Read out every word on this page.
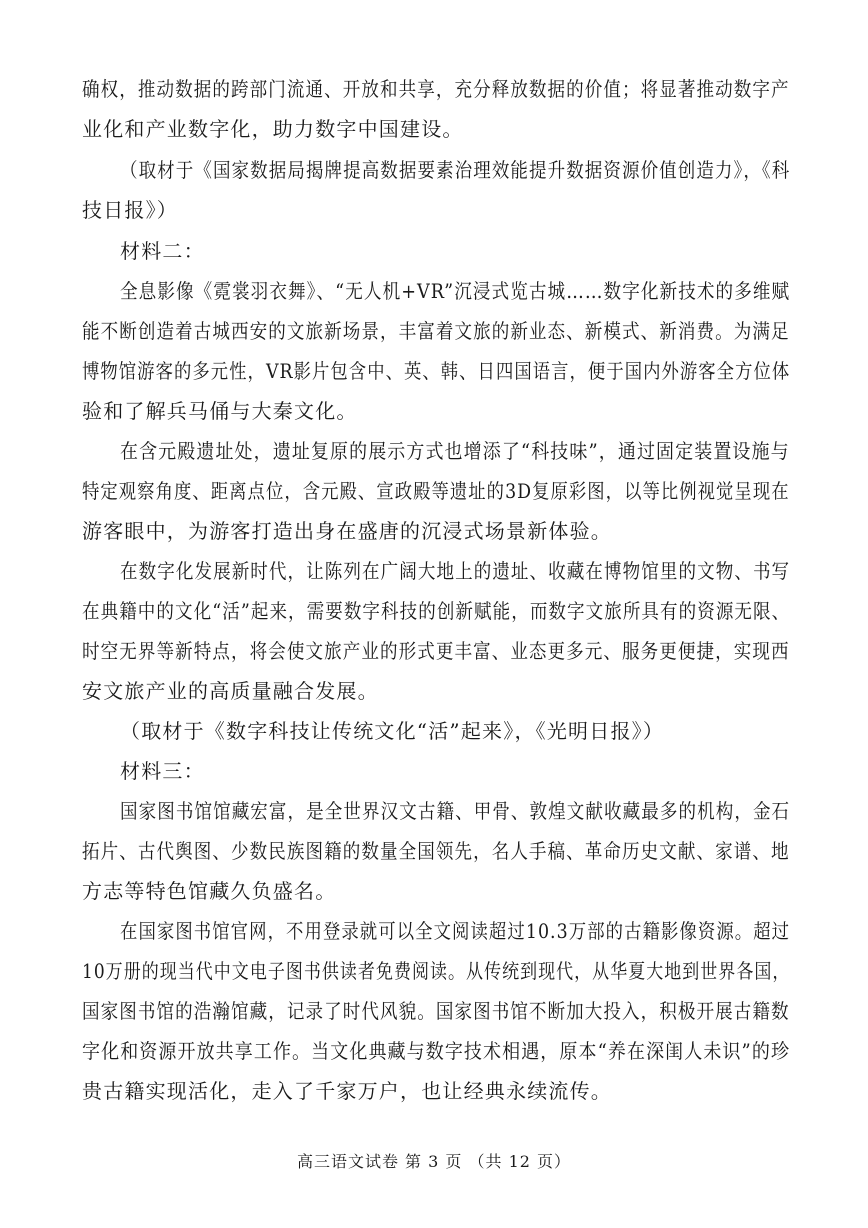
确权，推动数据的跨部门流通、开放和共享，充分释放数据的价值；将显著推动数字产

业化和产业数字化，助力数字中国建设。

（取材于《国家数据局揭牌提高数据要素治理效能提升数据资源价值创造力》，《科

技日报》）

材料二：

全息影像《霓裳羽衣舞》、“无人机+VR”沉浸式览古城……数字化新技术的多维赋

能不断创造着古城西安的文旅新场景，丰富着文旅的新业态、新模式、新消费。为满足

博物馆游客的多元性，VR影片包含中、英、韩、日四国语言，便于国内外游客全方位体

验和了解兵马俑与大秦文化。

在含元殿遗址处，遗址复原的展示方式也增添了“科技味”，通过固定装置设施与

特定观察角度、距离点位，含元殿、宣政殿等遗址的3D复原彩图，以等比例视觉呈现在

游客眼中，为游客打造出身在盛唐的沉浸式场景新体验。

在数字化发展新时代，让陈列在广阔大地上的遗址、收藏在博物馆里的文物、书写

在典籍中的文化“活”起来，需要数字科技的创新赋能，而数字文旅所具有的资源无限、

时空无界等新特点，将会使文旅产业的形式更丰富、业态更多元、服务更便捷，实现西

安文旅产业的高质量融合发展。

（取材于《数字科技让传统文化“活”起来》，《光明日报》）

材料三：

国家图书馆馆藏宏富，是全世界汉文古籍、甲骨、敦煌文献收藏最多的机构，金石

拓片、古代舆图、少数民族图籍的数量全国领先，名人手稿、革命历史文献、家谱、地

方志等特色馆藏久负盛名。

在国家图书馆官网，不用登录就可以全文阅读超过10.3万部的古籍影像资源。超过

10万册的现当代中文电子图书供读者免费阅读。从传统到现代，从华夏大地到世界各国，

国家图书馆的浩瀚馆藏，记录了时代风貌。国家图书馆不断加大投入，积极开展古籍数

字化和资源开放共享工作。当文化典藏与数字技术相遇，原本“养在深闺人未识”的珍

贵古籍实现活化，走入了千家万户，也让经典永续流传。

高三语文试卷 第 3 页 （共 12 页）
